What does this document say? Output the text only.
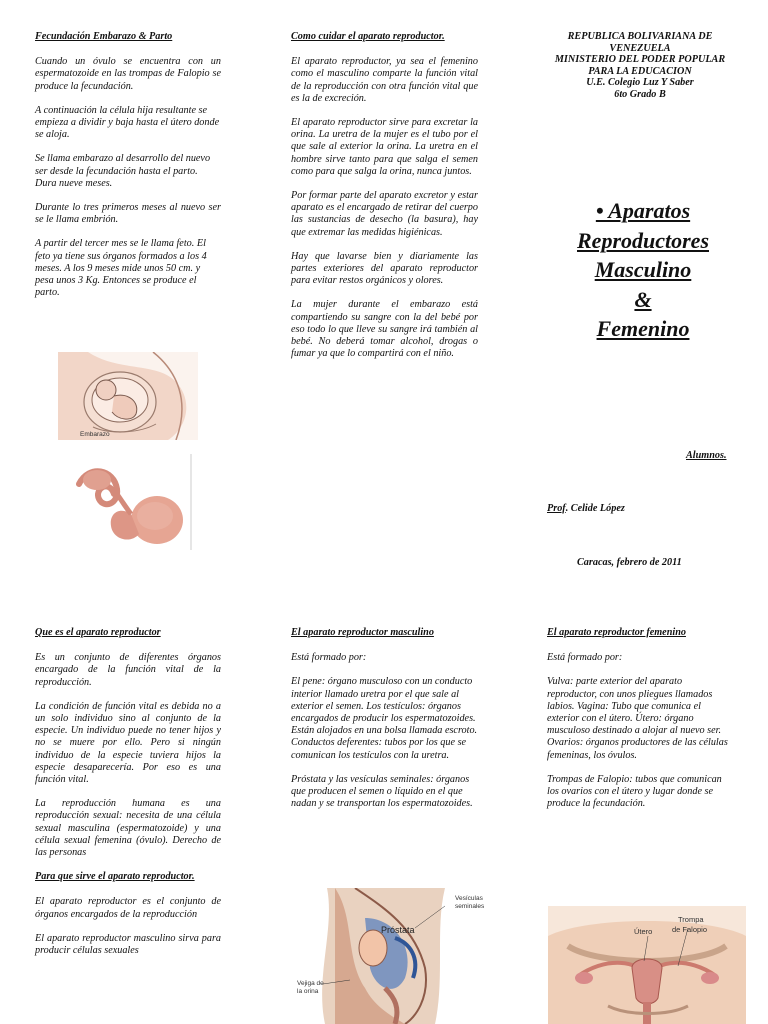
Fecundación Embarazo & Parto

Cuando un óvulo se encuentra con un espermatozoide en las trompas de Falopio se produce la fecundación.

A continuación la célula hija resultante se empieza a dividir y baja hasta el útero donde se aloja.

Se llama embarazo al desarrollo del nuevo ser desde la fecundación hasta el parto. Dura nueve meses.

Durante lo tres primeros meses al nuevo ser se le llama embrión.

A partir del tercer mes se le llama feto. El feto ya tiene sus órganos formados a los 4 meses. A los 9 meses mide unos 50 cm. y pesa unos 3 Kg. Entonces se produce el parto.

Embarazo
Como cuidar el aparato reproductor.

El aparato reproductor, ya sea el femenino como el masculino comparte la función vital de la reproducción con otra función vital que es la de excreción.

El aparato reproductor sirve para excretar la orina. La uretra de la mujer es el tubo por el que sale al exterior la orina. La uretra en el hombre sirve tanto para que salga el semen como para que salga la orina, nunca juntos.

Por formar parte del aparato excretor y estar aparato es el encargado de retirar del cuerpo las sustancias de desecho (la basura), hay que extremar las medidas higiénicas.

Hay que lavarse bien y diariamente las partes exteriores del aparato reproductor para evitar restos orgánicos y olores.

La mujer durante el embarazo está compartiendo su sangre con la del bebé por eso todo lo que lleve su sangre irá también al bebé. No deberá tomar alcohol, drogas o fumar ya que lo compartirá con el niño.

REPUBLICA BOLIVARIANA DE VENEZUELA
MINISTERIO DEL PODER POPULAR PARA LA EDUCACION
U.E. Colegio Luz Y Saber
6to Grado B
• Aparatos
Reproductores
Masculino
&
Femenino
Alumnos.
Prof. Celide López
Caracas, febrero de 2011
Que es el aparato reproductor

Es un conjunto de diferentes órganos encargado de la función vital de la reproducción.

La condición de función vital es debida no a un solo individuo sino al conjunto de la especie. Un individuo puede no tener hijos y no se muere por ello. Pero si ningún individuo de la especie tuviera hijos la especie desaparecería. Por eso es una función vital.

La reproducción humana es una reproducción sexual: necesita de una célula sexual masculina (espermatozoide) y una célula sexual femenina (óvulo). Derecho de las personas

Para que sirve el aparato reproductor.

El aparato reproductor es el conjunto de órganos encargados de la reproducción

El aparato reproductor masculino sirva para producir células sexuales

El aparato reproductor masculino

Está formado por:

El pene: órgano musculoso con un conducto interior llamado uretra por el que sale al exterior el semen. Los testículos: órganos encargados de producir los espermatozoides. Están alojados en una bolsa llamada escroto. Conductos deferentes: tubos por los que se comunican los testículos con la uretra.

Próstata y las vesículas seminales: órganos que producen el semen o líquido en el que nadan y se transportan los espermatozoides.

Próstata
Vesículas
seminales
Vejiga de
la orina
El aparato reproductor femenino

Está formado por:

Vulva: parte exterior del aparato reproductor, con unos pliegues llamados labios. Vagina: Tubo que comunica el exterior con el útero. Útero: órgano musculoso destinado a alojar al nuevo ser. Ovarios: órganos productores de las células femeninas, los óvulos.

Trompas de Falopio: tubos que comunican los ovarios con el útero y lugar donde se produce la fecundación.

Útero
Trompa
de Falopio
